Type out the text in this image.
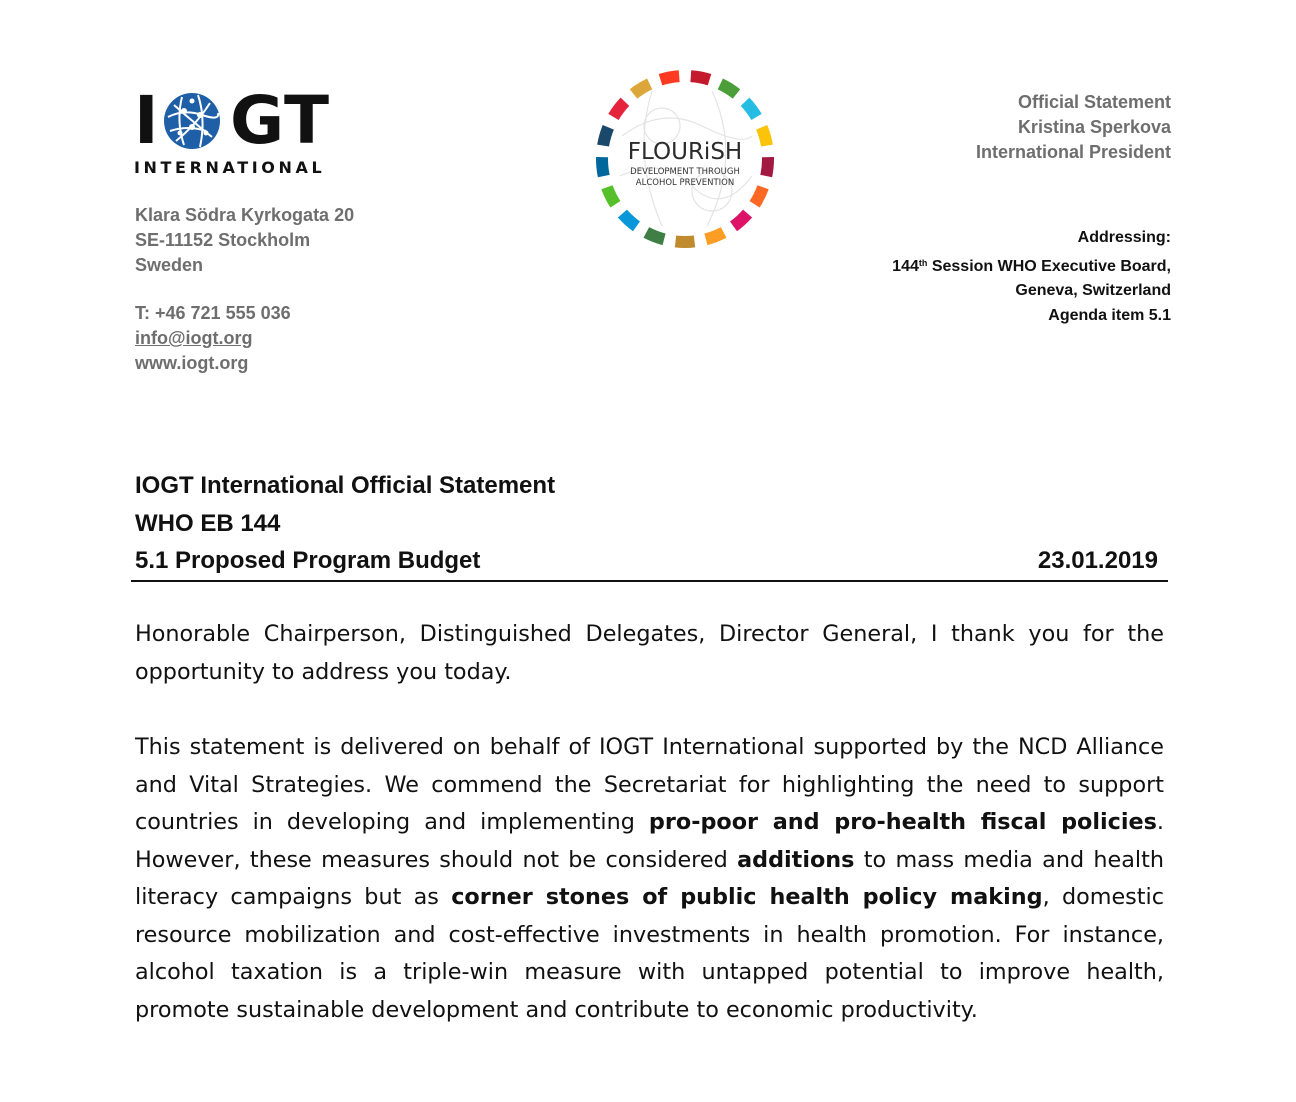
I G T
INTERNATIONAL
Klara Södra Kyrkogata 20
SE-11152 Stockholm
Sweden
T: +46 721 555 036
info@iogt.org
www.iogt.org
FLOURiSH
DEVELOPMENT THROUGH
ALCOHOL PREVENTION
Official Statement
Kristina Sperkova
International President
Addressing:
144th Session WHO Executive Board,
Geneva, Switzerland
Agenda item 5.1
IOGT International Official Statement
WHO EB 144
5.1 Proposed Program Budget	23.01.2019
Honorable Chairperson, Distinguished Delegates, Director General, I thank you for the opportunity to address you today.
This statement is delivered on behalf of IOGT International supported by the NCD Alliance and Vital Strategies. We commend the Secretariat for highlighting the need to support countries in developing and implementing pro-poor and pro-health fiscal policies. However, these measures should not be considered additions to mass media and health literacy campaigns but as corner stones of public health policy making, domestic resource mobilization and cost-effective investments in health promotion. For instance, alcohol taxation is a triple-win measure with untapped potential to improve health, promote sustainable development and contribute to economic productivity.
